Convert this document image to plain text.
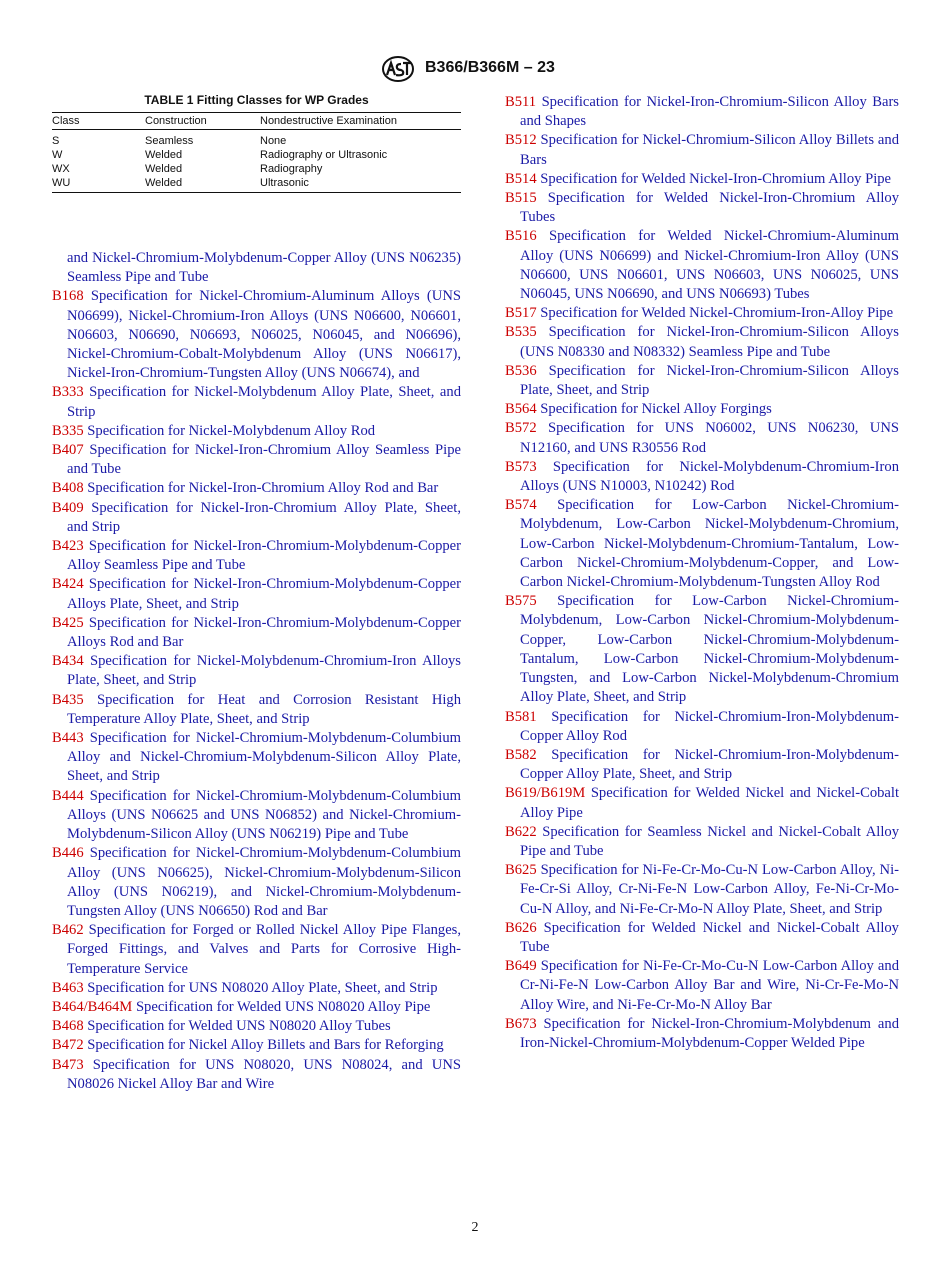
B366/B366M – 23
TABLE 1 Fitting Classes for WP Grades
Class	Construction	Nondestructive Examination
S	Seamless	None
W	Welded	Radiography or Ultrasonic
WX	Welded	Radiography
WU	Welded	Ultrasonic
and Nickel-Chromium-Molybdenum-Copper Alloy (UNS N06235) Seamless Pipe and Tube
B168 Specification for Nickel-Chromium-Aluminum Alloys (UNS N06699), Nickel-Chromium-Iron Alloys (UNS N06600, N06601, N06603, N06690, N06693, N06025, N06045, and N06696), Nickel-Chromium-Cobalt-Molybdenum Alloy (UNS N06617), Nickel-Iron-Chromium-Tungsten Alloy (UNS N06674), and
B333 Specification for Nickel-Molybdenum Alloy Plate, Sheet, and Strip
B335 Specification for Nickel-Molybdenum Alloy Rod
B407 Specification for Nickel-Iron-Chromium Alloy Seamless Pipe and Tube
B408 Specification for Nickel-Iron-Chromium Alloy Rod and Bar
B409 Specification for Nickel-Iron-Chromium Alloy Plate, Sheet, and Strip
B423 Specification for Nickel-Iron-Chromium-Molybdenum-Copper Alloy Seamless Pipe and Tube
B424 Specification for Nickel-Iron-Chromium-Molybdenum-Copper Alloys Plate, Sheet, and Strip
B425 Specification for Nickel-Iron-Chromium-Molybdenum-Copper Alloys Rod and Bar
B434 Specification for Nickel-Molybdenum-Chromium-Iron Alloys Plate, Sheet, and Strip
B435 Specification for Heat and Corrosion Resistant High Temperature Alloy Plate, Sheet, and Strip
B443 Specification for Nickel-Chromium-Molybdenum-Columbium Alloy and Nickel-Chromium-Molybdenum-Silicon Alloy Plate, Sheet, and Strip
B444 Specification for Nickel-Chromium-Molybdenum-Columbium Alloys (UNS N06625 and UNS N06852) and Nickel-Chromium-Molybdenum-Silicon Alloy (UNS N06219) Pipe and Tube
B446 Specification for Nickel-Chromium-Molybdenum-Columbium Alloy (UNS N06625), Nickel-Chromium-Molybdenum-Silicon Alloy (UNS N06219), and Nickel-Chromium-Molybdenum-Tungsten Alloy (UNS N06650) Rod and Bar
B462 Specification for Forged or Rolled Nickel Alloy Pipe Flanges, Forged Fittings, and Valves and Parts for Corrosive High-Temperature Service
B463 Specification for UNS N08020 Alloy Plate, Sheet, and Strip
B464/B464M Specification for Welded UNS N08020 Alloy Pipe
B468 Specification for Welded UNS N08020 Alloy Tubes
B472 Specification for Nickel Alloy Billets and Bars for Reforging
B473 Specification for UNS N08020, UNS N08024, and UNS N08026 Nickel Alloy Bar and Wire
B511 Specification for Nickel-Iron-Chromium-Silicon Alloy Bars and Shapes
B512 Specification for Nickel-Chromium-Silicon Alloy Billets and Bars
B514 Specification for Welded Nickel-Iron-Chromium Alloy Pipe
B515 Specification for Welded Nickel-Iron-Chromium Alloy Tubes
B516 Specification for Welded Nickel-Chromium-Aluminum Alloy (UNS N06699) and Nickel-Chromium-Iron Alloy (UNS N06600, UNS N06601, UNS N06603, UNS N06025, UNS N06045, UNS N06690, and UNS N06693) Tubes
B517 Specification for Welded Nickel-Chromium-Iron-Alloy Pipe
B535 Specification for Nickel-Iron-Chromium-Silicon Alloys (UNS N08330 and N08332) Seamless Pipe and Tube
B536 Specification for Nickel-Iron-Chromium-Silicon Alloys Plate, Sheet, and Strip
B564 Specification for Nickel Alloy Forgings
B572 Specification for UNS N06002, UNS N06230, UNS N12160, and UNS R30556 Rod
B573 Specification for Nickel-Molybdenum-Chromium-Iron Alloys (UNS N10003, N10242) Rod
B574 Specification for Low-Carbon Nickel-Chromium-Molybdenum, Low-Carbon Nickel-Molybdenum-Chromium, Low-Carbon Nickel-Molybdenum-Chromium-Tantalum, Low-Carbon Nickel-Chromium-Molybdenum-Copper, and Low-Carbon Nickel-Chromium-Molybdenum-Tungsten Alloy Rod
B575 Specification for Low-Carbon Nickel-Chromium-Molybdenum, Low-Carbon Nickel-Chromium-Molybdenum-Copper, Low-Carbon Nickel-Chromium-Molybdenum-Tantalum, Low-Carbon Nickel-Chromium-Molybdenum-Tungsten, and Low-Carbon Nickel-Molybdenum-Chromium Alloy Plate, Sheet, and Strip
B581 Specification for Nickel-Chromium-Iron-Molybdenum-Copper Alloy Rod
B582 Specification for Nickel-Chromium-Iron-Molybdenum-Copper Alloy Plate, Sheet, and Strip
B619/B619M Specification for Welded Nickel and Nickel-Cobalt Alloy Pipe
B622 Specification for Seamless Nickel and Nickel-Cobalt Alloy Pipe and Tube
B625 Specification for Ni-Fe-Cr-Mo-Cu-N Low-Carbon Alloy, Ni-Fe-Cr-Si Alloy, Cr-Ni-Fe-N Low-Carbon Alloy, Fe-Ni-Cr-Mo-Cu-N Alloy, and Ni-Fe-Cr-Mo-N Alloy Plate, Sheet, and Strip
B626 Specification for Welded Nickel and Nickel-Cobalt Alloy Tube
B649 Specification for Ni-Fe-Cr-Mo-Cu-N Low-Carbon Alloy and Cr-Ni-Fe-N Low-Carbon Alloy Bar and Wire, Ni-Cr-Fe-Mo-N Alloy Wire, and Ni-Fe-Cr-Mo-N Alloy Bar
B673 Specification for Nickel-Iron-Chromium-Molybdenum and Iron-Nickel-Chromium-Molybdenum-Copper Welded Pipe
2
